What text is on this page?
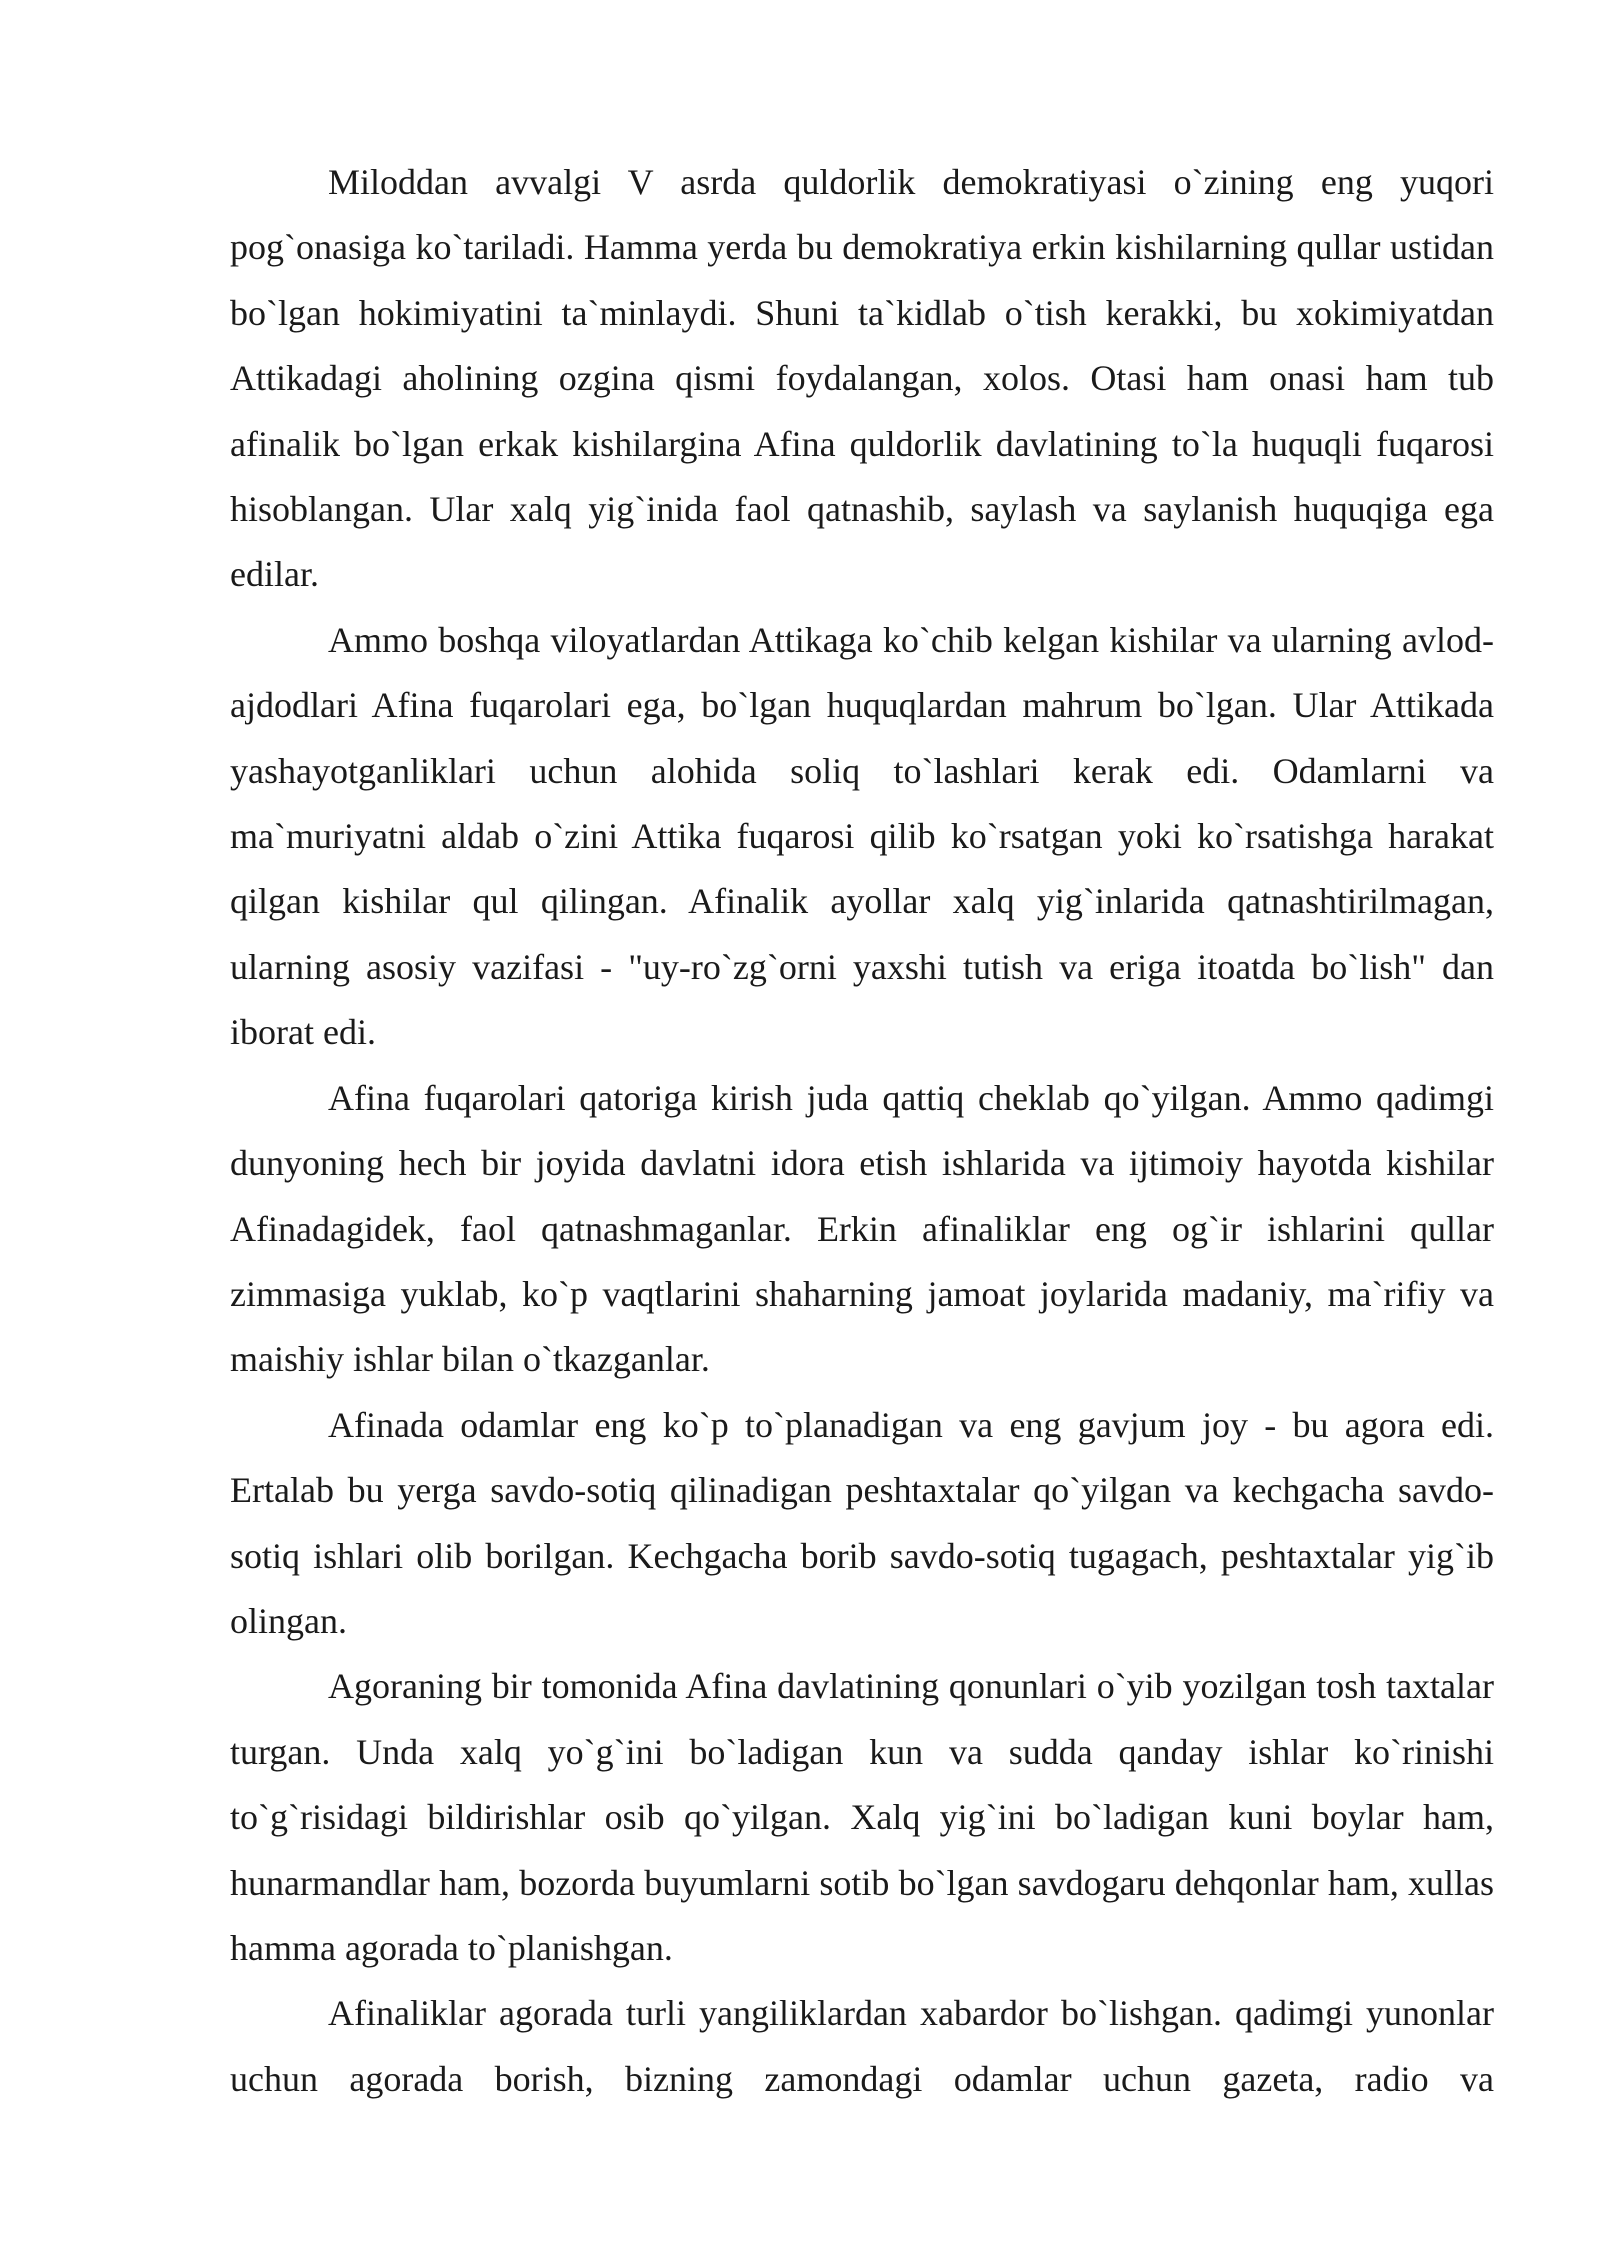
Miloddan avvalgi V asrda quldorlik demokratiyasi o`zining eng yuqori pog`onasiga ko`tariladi. Hamma yerda bu demokratiya erkin kishilarning qullar ustidan bo`lgan hokimiyatini ta`minlaydi. Shuni ta`kidlab o`tish kerakki, bu xokimiyatdan Attikadagi aholining ozgina qismi foydalangan, xolos. Otasi ham onasi ham tub afinalik bo`lgan erkak kishilargina Afina quldorlik davlatining to`la huquqli fuqarosi hisoblangan. Ular xalq yig`inida faol qatnashib, saylash va saylanish huquqiga ega edilar.

Ammo boshqa viloyatlardan Attikaga ko`chib kelgan kishilar va ularning avlod-ajdodlari Afina fuqarolari ega, bo`lgan huquqlardan mahrum bo`lgan. Ular Attikada yashayotganliklari uchun alohida soliq to`lashlari kerak edi. Odamlarni va ma`muriyatni aldab o`zini Attika fuqarosi qilib ko`rsatgan yoki ko`rsatishga harakat qilgan kishilar qul qilingan. Afinalik ayollar xalq yig`inlarida qatnashtirilmagan, ularning asosiy vazifasi - "uy-ro`zg`orni yaxshi tutish va eriga itoatda bo`lish" dan iborat edi.

Afina fuqarolari qatoriga kirish juda qattiq cheklab qo`yilgan. Ammo qadimgi dunyoning hech bir joyida davlatni idora etish ishlarida va ijtimoiy hayotda kishilar Afinadagidek, faol qatnashmaganlar. Erkin afinaliklar eng og`ir ishlarini qullar zimmasiga yuklab, ko`p vaqtlarini shaharning jamoat joylarida madaniy, ma`rifiy va maishiy ishlar bilan o`tkazganlar.

Afinada odamlar eng ko`p to`planadigan va eng gavjum joy - bu agora edi. Ertalab bu yerga savdo-sotiq qilinadigan peshtaxtalar qo`yilgan va kechgacha savdo-sotiq ishlari olib borilgan. Kechgacha borib savdo-sotiq tugagach, peshtaxtalar yig`ib olingan.

Agoraning bir tomonida Afina davlatining qonunlari o`yib yozilgan tosh taxtalar turgan. Unda xalq yo`g`ini bo`ladigan kun va sudda qanday ishlar ko`rinishi to`g`risidagi bildirishlar osib qo`yilgan. Xalq yig`ini bo`ladigan kuni boylar ham, hunarmandlar ham, bozorda buyumlarni sotib bo`lgan savdogaru dehqonlar ham, xullas hamma agorada to`planishgan.

Afinaliklar agorada turli yangiliklardan xabardor bo`lishgan. qadimgi yunonlar uchun agorada borish, bizning zamondagi odamlar uchun gazeta, radio va
